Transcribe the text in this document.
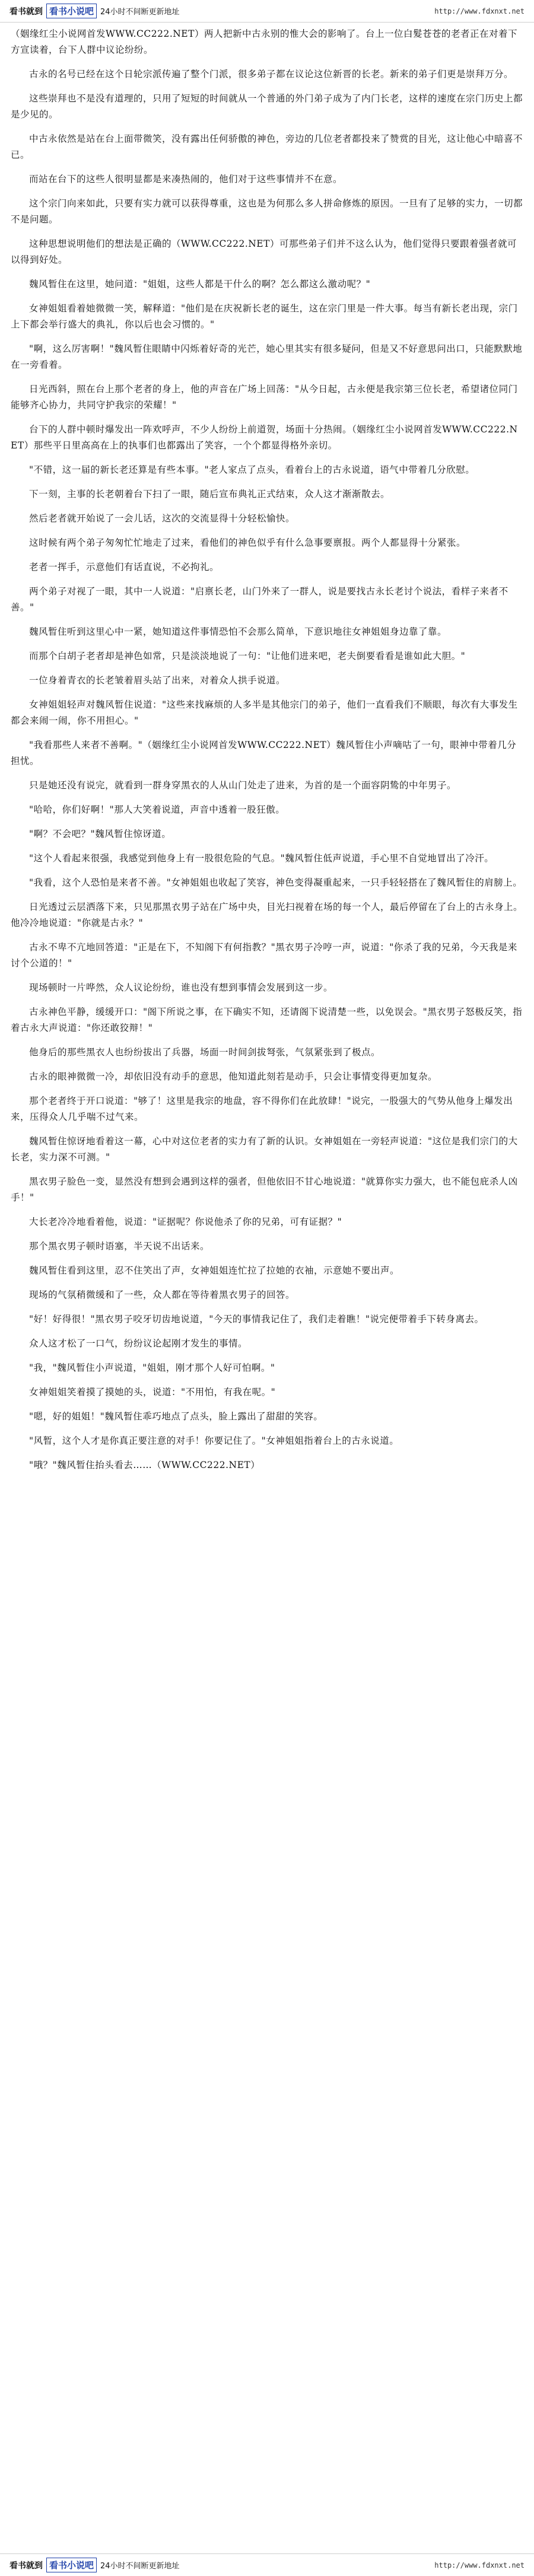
看书就到 看书小说吧 24小时不间断更新地址	http://www.fdxnxt.net

（姻缘红尘小说网首发WWW.CC222.NET）两人把新中古永别的惟大会的影响了。台上一位白髮苍苍的老者正在对着下方宣读着，台下人群中议论纷纷。

古永的名号已经在这个日轮宗派传遍了整个门派，很多弟子都在议论这位新晋的长老。新来的弟子们更是崇拜万分。

这些崇拜也不是没有道理的，只用了短短的时间就从一个普通的外门弟子成为了内门长老，这样的速度在宗门历史上都是少见的。

中古永依然是站在台上面带微笑，没有露出任何骄傲的神色，旁边的几位老者都投来了赞赏的目光，这让他心中暗喜不已。

而站在台下的这些人很明显都是来凑热闹的，他们对于这些事情并不在意。

这个宗门向来如此，只要有实力就可以获得尊重，这也是为何那么多人拼命修炼的原因。一旦有了足够的实力，一切都不是问题。

这种思想说明他们的想法是正确的（WWW.CC222.NET）可那些弟子们并不这么认为，他们觉得只要跟着强者就可以得到好处。

魏风暂住在这里，她问道："姐姐，这些人都是干什么的啊？怎么都这么激动呢？"

女神姐姐看着她微微一笑，解释道："他们是在庆祝新长老的诞生，这在宗门里是一件大事。每当有新长老出现，宗门上下都会举行盛大的典礼，你以后也会习惯的。"

"啊，这么厉害啊！"魏风暂住眼睛中闪烁着好奇的光芒，她心里其实有很多疑问，但是又不好意思问出口，只能默默地在一旁看着。

日光西斜，照在台上那个老者的身上，他的声音在广场上回荡："从今日起，古永便是我宗第三位长老，希望诸位同门能够齐心协力，共同守护我宗的荣耀！"

台下的人群中顿时爆发出一阵欢呼声，不少人纷纷上前道贺，场面十分热闹。（姻缘红尘小说网首发WWW.CC222.NET）那些平日里高高在上的执事们也都露出了笑容，一个个都显得格外亲切。

"不错，这一届的新长老还算是有些本事。"老人家点了点头，看着台上的古永说道，语气中带着几分欣慰。

下一刻，主事的长老朝着台下扫了一眼，随后宣布典礼正式结束，众人这才渐渐散去。

然后老者就开始说了一会儿话，这次的交流显得十分轻松愉快。

这时候有两个弟子匆匆忙忙地走了过来，看他们的神色似乎有什么急事要禀报。两个人都显得十分紧张。

老者一挥手，示意他们有话直说，不必拘礼。

两个弟子对视了一眼，其中一人说道："启禀长老，山门外来了一群人，说是要找古永长老讨个说法，看样子来者不善。"

魏风暂住听到这里心中一紧，她知道这件事情恐怕不会那么简单，下意识地往女神姐姐身边靠了靠。

而那个白胡子老者却是神色如常，只是淡淡地说了一句："让他们进来吧，老夫倒要看看是谁如此大胆。"

一位身着青衣的长老皱着眉头站了出来，对着众人拱手说道。

女神姐姐轻声对魏风暂住说道："这些来找麻烦的人多半是其他宗门的弟子，他们一直看我们不顺眼，每次有大事发生都会来闹一闹，你不用担心。"

"我看那些人来者不善啊。"（姻缘红尘小说网首发WWW.CC222.NET）魏风暂住小声嘀咕了一句，眼神中带着几分担忧。

只是她还没有说完，就看到一群身穿黑衣的人从山门处走了进来，为首的是一个面容阴鸷的中年男子。

"哈哈，你们好啊！"那人大笑着说道，声音中透着一股狂傲。

"啊？不会吧？"魏风暂住惊讶道。

"这个人看起来很强，我感觉到他身上有一股很危险的气息。"魏风暂住低声说道，手心里不自觉地冒出了冷汗。

"我看，这个人恐怕是来者不善。"女神姐姐也收起了笑容，神色变得凝重起来，一只手轻轻搭在了魏风暂住的肩膀上。

日光透过云层洒落下来，只见那黑衣男子站在广场中央，目光扫视着在场的每一个人，最后停留在了台上的古永身上。他冷冷地说道："你就是古永？"

古永不卑不亢地回答道："正是在下，不知阁下有何指教？"黑衣男子冷哼一声，说道："你杀了我的兄弟，今天我是来讨个公道的！"

现场顿时一片哗然，众人议论纷纷，谁也没有想到事情会发展到这一步。

古永神色平静，缓缓开口："阁下所说之事，在下确实不知，还请阁下说清楚一些，以免误会。"黑衣男子怒极反笑，指着古永大声说道："你还敢狡辩！"

他身后的那些黑衣人也纷纷拔出了兵器，场面一时间剑拔弩张，气氛紧张到了极点。

古永的眼神微微一冷，却依旧没有动手的意思，他知道此刻若是动手，只会让事情变得更加复杂。

那个老者终于开口说道："够了！这里是我宗的地盘，容不得你们在此放肆！"说完，一股强大的气势从他身上爆发出来，压得众人几乎喘不过气来。

魏风暂住惊讶地看着这一幕，心中对这位老者的实力有了新的认识。女神姐姐在一旁轻声说道："这位是我们宗门的大长老，实力深不可测。"

黑衣男子脸色一变，显然没有想到会遇到这样的强者，但他依旧不甘心地说道："就算你实力强大，也不能包庇杀人凶手！"

大长老冷冷地看着他，说道："证据呢？你说他杀了你的兄弟，可有证据？"

那个黑衣男子顿时语塞，半天说不出话来。

魏风暂住看到这里，忍不住笑出了声，女神姐姐连忙拉了拉她的衣袖，示意她不要出声。

现场的气氛稍微缓和了一些，众人都在等待着黑衣男子的回答。

"好！好得很！"黑衣男子咬牙切齿地说道，"今天的事情我记住了，我们走着瞧！"说完便带着手下转身离去。

众人这才松了一口气，纷纷议论起刚才发生的事情。

"我，"魏风暂住小声说道，"姐姐，刚才那个人好可怕啊。"

女神姐姐笑着摸了摸她的头，说道："不用怕，有我在呢。"

"嗯，好的姐姐！"魏风暂住乖巧地点了点头，脸上露出了甜甜的笑容。

"风暂，这个人才是你真正要注意的对手！你要记住了。"女神姐姐指着台上的古永说道。

"哦？"魏风暂住抬头看去……（WWW.CC222.NET）

看书就到 看书小说吧 24小时不间断更新地址	http://www.fdxnxt.net
